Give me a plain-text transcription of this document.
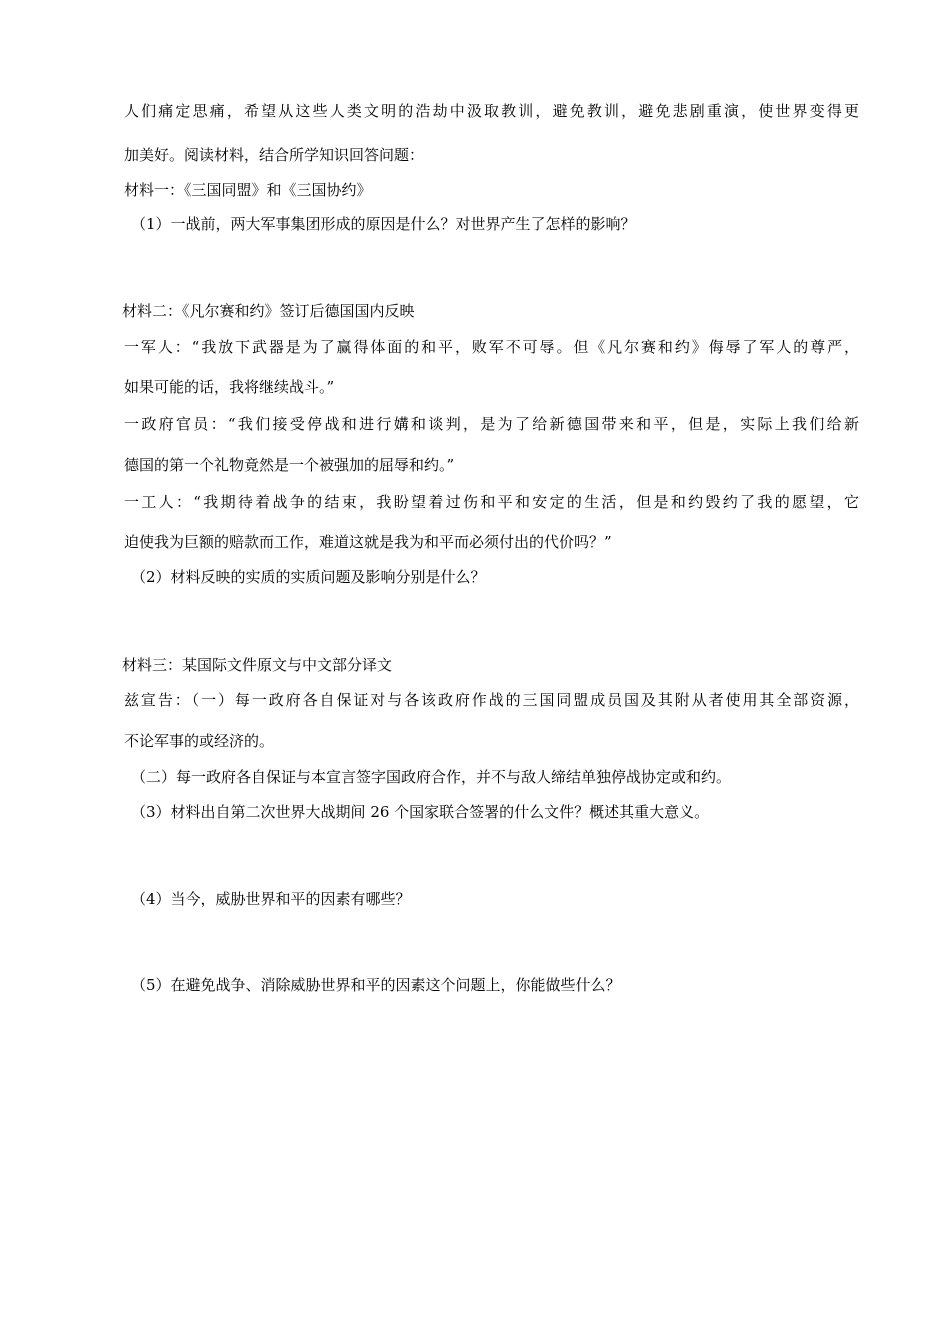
人们痛定思痛，希望从这些人类文明的浩劫中汲取教训，避免教训，避免悲剧重演，使世界变得更
加美好。阅读材料，结合所学知识回答问题：
材料一：《三国同盟》和《三国协约》
（1）一战前，两大军事集团形成的原因是什么？对世界产生了怎样的影响？
材料二：《凡尔赛和约》签订后德国国内反映
一军人：“我放下武器是为了赢得体面的和平，败军不可辱。但《凡尔赛和约》侮辱了军人的尊严，
如果可能的话，我将继续战斗。”
一政府官员：“我们接受停战和进行媾和谈判，是为了给新德国带来和平，但是，实际上我们给新
德国的第一个礼物竟然是一个被强加的屈辱和约。”
一工人：“我期待着战争的结束，我盼望着过伤和平和安定的生活，但是和约毁约了我的愿望，它
迫使我为巨额的赔款而工作，难道这就是我为和平而必须付出的代价吗？”
（2）材料反映的实质的实质问题及影响分别是什么？
材料三：某国际文件原文与中文部分译文
兹宣告：（一）每一政府各自保证对与各该政府作战的三国同盟成员国及其附从者使用其全部资源，
不论军事的或经济的。
（二）每一政府各自保证与本宣言签字国政府合作，并不与敌人缔结单独停战协定或和约。
（3）材料出自第二次世界大战期间 26 个国家联合签署的什么文件？概述其重大意义。
（4）当今，威胁世界和平的因素有哪些？
（5）在避免战争、消除威胁世界和平的因素这个问题上，你能做些什么？
